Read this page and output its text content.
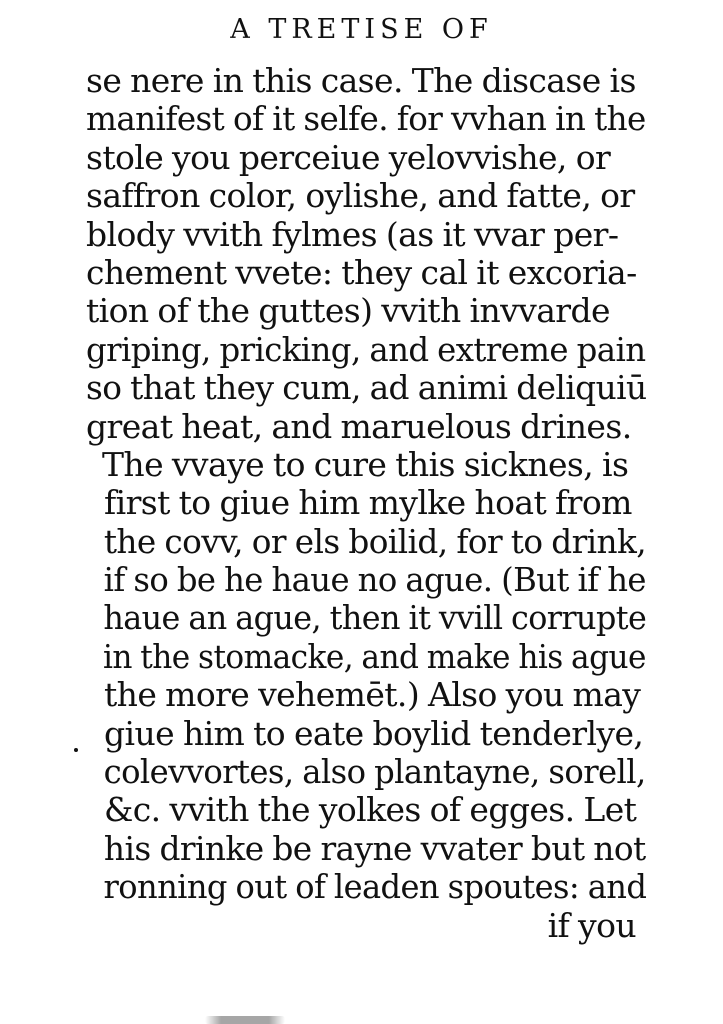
A TRETISE OF
se nere in this case. The discase is
manifest of it selfe. for vvhan in the
stole you perceiue yelovvishe, or
saffron color, oylishe, and fatte, or
blody vvith fylmes (as it vvar per-
chement vvete: they cal it excoria-
tion of the guttes) vvith invvarde
griping, pricking, and extreme pain
so that they cum, ad animi deliquiū
great heat, and maruelous drines.
The vvaye to cure this sicknes, is
first to giue him mylke hoat from
the covv, or els boilid, for to drink,
if so be he haue no ague. (But if he
haue an ague, then it vvill corrupte
in the stomacke, and make his ague
the more vehemēt.) Also you may
giue him to eate boylid tenderlye,
colevvortes, also plantayne, sorell,
&c. vvith the yolkes of egges. Let
his drinke be rayne vvater but not
ronning out of leaden spoutes: and
if you
